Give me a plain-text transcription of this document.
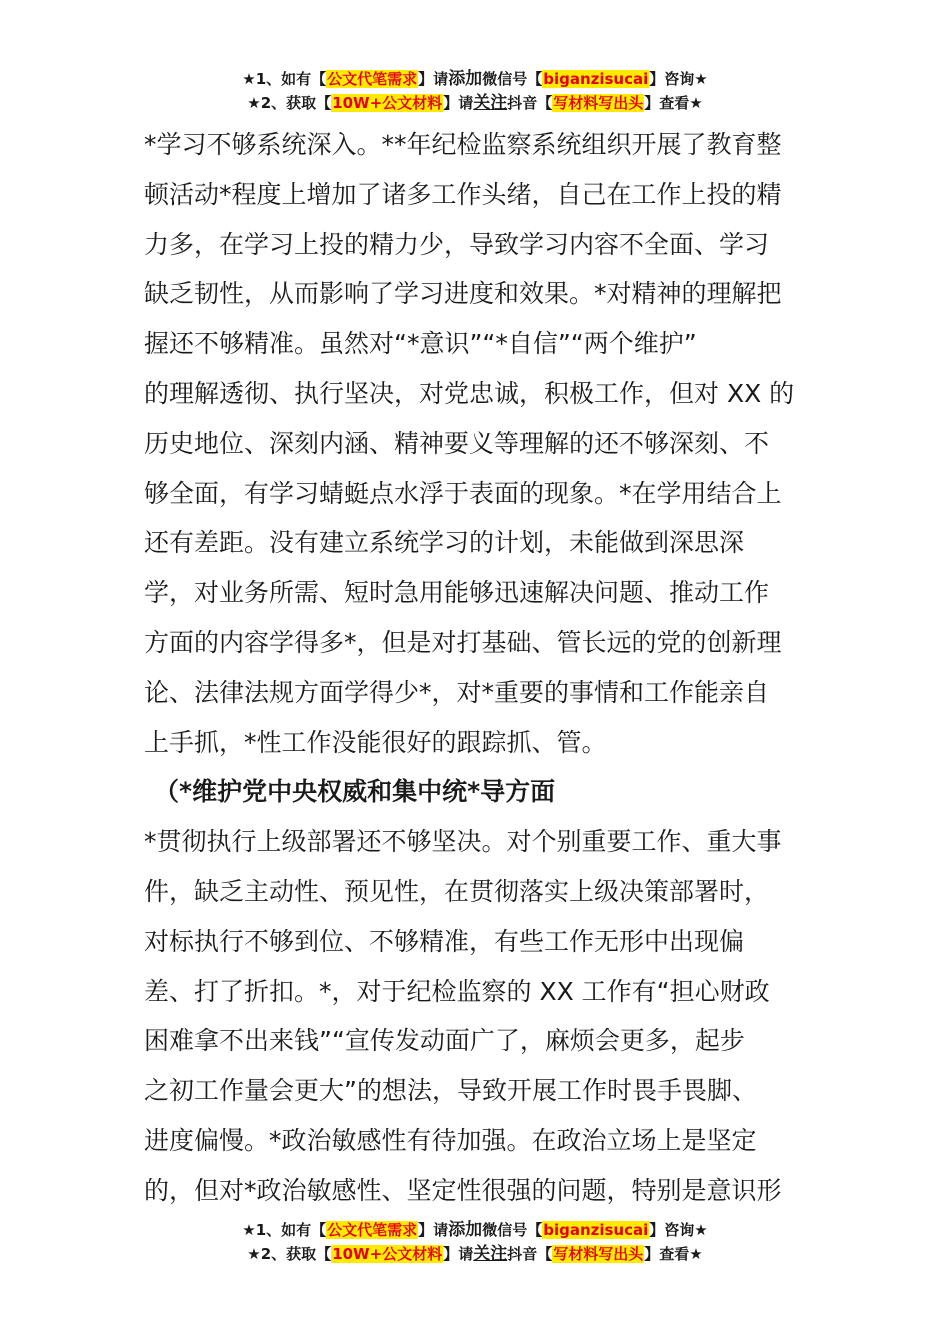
★1、如有【公文代笔需求】请添加微信号【biganzisucai】咨询★
★2、获取【10W+公文材料】请关注抖音【写材料写出头】查看★

*学习不够系统深入。**年纪检监察系统组织开展了教育整
顿活动*程度上增加了诸多工作头绪，自己在工作上投的精
力多，在学习上投的精力少，导致学习内容不全面、学习
缺乏韧性，从而影响了学习进度和效果。*对精神的理解把
握还不够精准。虽然对“*意识”“*自信”“两个维护”
的理解透彻、执行坚决，对党忠诚，积极工作，但对 XX 的
历史地位、深刻内涵、精神要义等理解的还不够深刻、不
够全面，有学习蜻蜓点水浮于表面的现象。*在学用结合上
还有差距。没有建立系统学习的计划，未能做到深思深
学，对业务所需、短时急用能够迅速解决问题、推动工作
方面的内容学得多*，但是对打基础、管长远的党的创新理
论、法律法规方面学得少*，对*重要的事情和工作能亲自
上手抓，*性工作没能很好的跟踪抓、管。

（*维护党中央权威和集中统*导方面

*贯彻执行上级部署还不够坚决。对个别重要工作、重大事
件，缺乏主动性、预见性，在贯彻落实上级决策部署时，
对标执行不够到位、不够精准，有些工作无形中出现偏
差、打了折扣。*，对于纪检监察的 XX 工作有“担心财政
困难拿不出来钱”“宣传发动面广了，麻烦会更多，起步
之初工作量会更大”的想法，导致开展工作时畏手畏脚、
进度偏慢。*政治敏感性有待加强。在政治立场上是坚定
的，但对*政治敏感性、坚定性很强的问题，特别是意识形

★1、如有【公文代笔需求】请添加微信号【biganzisucai】咨询★
★2、获取【10W+公文材料】请关注抖音【写材料写出头】查看★
